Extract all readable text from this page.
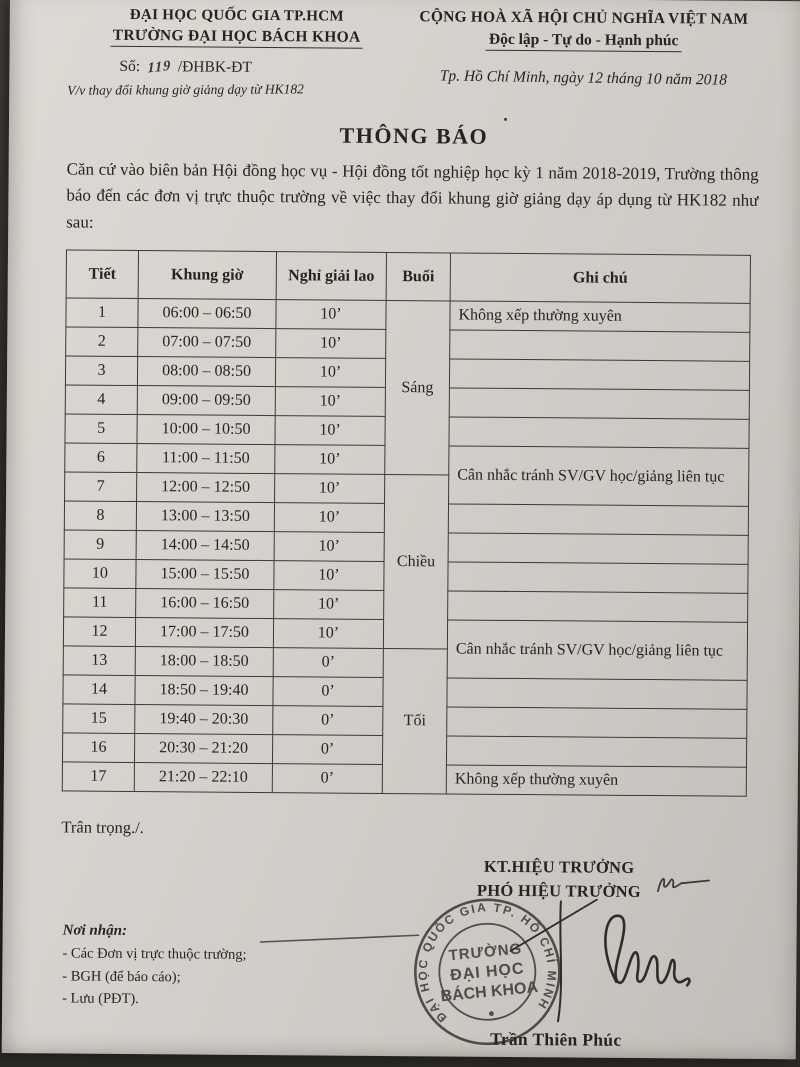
ĐẠI HỌC QUỐC GIA TP.HCM
TRƯỜNG ĐẠI HỌC BÁCH KHOA
Số: 119 /ĐHBK-ĐT
V/v thay đổi khung giờ giảng dạy từ HK182
CỘNG HOÀ XÃ HỘI CHỦ NGHĨA VIỆT NAM
Độc lập - Tự do - Hạnh phúc
Tp. Hồ Chí Minh, ngày 12 tháng 10 năm 2018
THÔNG BÁO

Căn cứ vào biên bản Hội đồng học vụ - Hội đồng tốt nghiệp học kỳ 1 năm 2018-2019, Trường thông báo đến các đơn vị trực thuộc trường về việc thay đổi khung giờ giảng dạy áp dụng từ HK182 như sau:

Tiết	Khung giờ	Nghỉ giải lao	Buổi	Ghi chú
1	06:00 – 06:50	10’	Sáng	Không xếp thường xuyên
2	07:00 – 07:50	10’		
3	08:00 – 08:50	10’		
4	09:00 – 09:50	10’		
5	10:00 – 10:50	10’		
6	11:00 – 11:50	10’		Cân nhắc tránh SV/GV học/giảng liên tục
7	12:00 – 12:50	10’	Chiều	
8	13:00 – 13:50	10’		
9	14:00 – 14:50	10’		
10	15:00 – 15:50	10’		
11	16:00 – 16:50	10’		
12	17:00 – 17:50	10’		Cân nhắc tránh SV/GV học/giảng liên tục
13	18:00 – 18:50	0’	Tối	
14	18:50 – 19:40	0’		
15	19:40 – 20:30	0’		
16	20:30 – 21:20	0’		
17	21:20 – 22:10	0’		Không xếp thường xuyên

Trân trọng./.

KT.HIỆU TRƯỞNG
PHÓ HIỆU TRƯỞNG
ĐẠI HỌC QUỐC GIA TP. HỒ CHÍ MINH
TRƯỜNG
ĐẠI HỌC
BÁCH KHOA
Nơi nhận:
- Các Đơn vị trực thuộc trường;
- BGH (để báo cáo);
- Lưu (PĐT).
Trần Thiên Phúc
